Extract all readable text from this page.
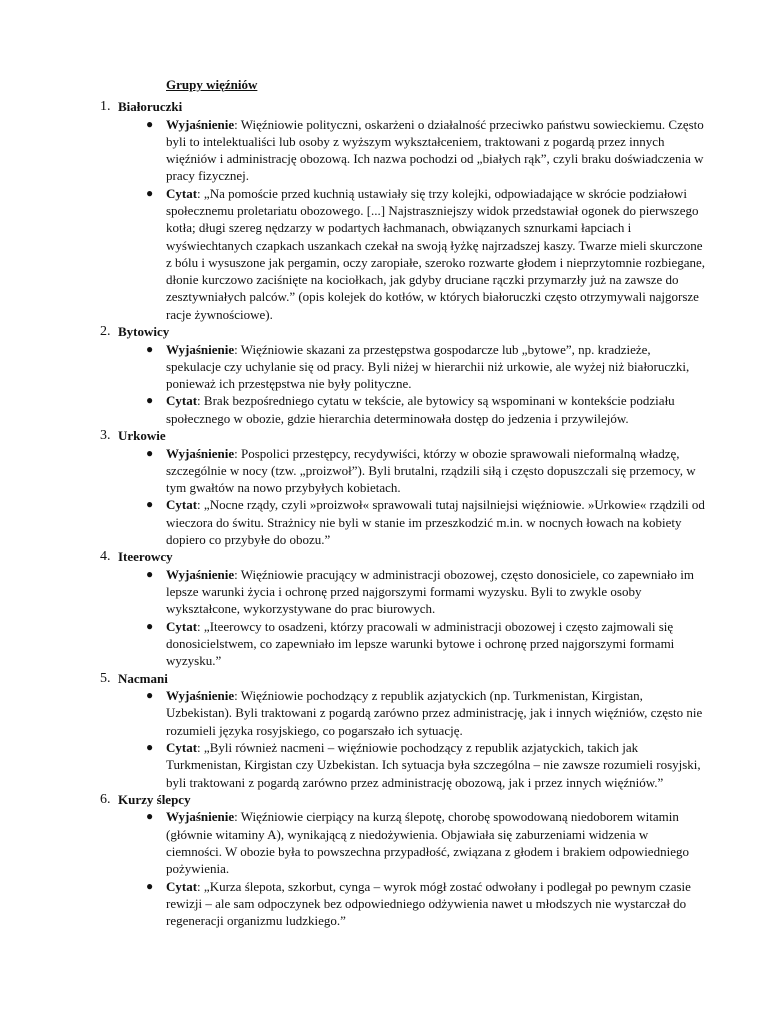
Grupy więźniów
1. Białoruczki
● Wyjaśnienie: Więźniowie polityczni, oskarżeni o działalność przeciwko państwu sowieckiemu. Często byli to intelektualiści lub osoby z wyższym wykształceniem, traktowani z pogardą przez innych więźniów i administrację obozową. Ich nazwa pochodzi od „białych rąk”, czyli braku doświadczenia w pracy fizycznej.
● Cytat: „Na pomoście przed kuchnią ustawiały się trzy kolejki, odpowiadające w skrócie podziałowi społecznemu proletariatu obozowego. [...] Najstraszniejszy widok przedstawiał ogonek do pierwszego kotła; długi szereg nędzarzy w podartych łachmanach, obwiązanych sznurkami łapciach i wyświechtanych czapkach uszankach czekał na swoją łyżkę najrzadszej kaszy. Twarze mieli skurczone z bólu i wysuszone jak pergamin, oczy zaropiałe, szeroko rozwarte głodem i nieprzytomnie rozbiegane, dłonie kurczowo zaciśnięte na kociołkach, jak gdyby druciane rączki przymarzły już na zawsze do zesztywniałych palców.” (opis kolejek do kotłów, w których białoruczki często otrzymywali najgorsze racje żywnościowe).
2. Bytowicy
● Wyjaśnienie: Więźniowie skazani za przestępstwa gospodarcze lub „bytowe”, np. kradzieże, spekulacje czy uchylanie się od pracy. Byli niżej w hierarchii niż urkowie, ale wyżej niż białoruczki, ponieważ ich przestępstwa nie były polityczne.
● Cytat: Brak bezpośredniego cytatu w tekście, ale bytowicy są wspominani w kontekście podziału społecznego w obozie, gdzie hierarchia determinowała dostęp do jedzenia i przywilejów.
3. Urkowie
● Wyjaśnienie: Pospolici przestępcy, recydywiści, którzy w obozie sprawowali nieformalną władzę, szczególnie w nocy (tzw. „proizwoł”). Byli brutalni, rządzili siłą i często dopuszczali się przemocy, w tym gwałtów na nowo przybyłych kobietach.
● Cytat: „Nocne rządy, czyli »proizwoł« sprawowali tutaj najsilniejsi więźniowie. »Urkowie« rządzili od wieczora do świtu. Strażnicy nie byli w stanie im przeszkodzić m.in. w nocnych łowach na kobiety dopiero co przybyłe do obozu.”
4. Iteerowcy
● Wyjaśnienie: Więźniowie pracujący w administracji obozowej, często donosiciele, co zapewniało im lepsze warunki życia i ochronę przed najgorszymi formami wyzysku. Byli to zwykle osoby wykształcone, wykorzystywane do prac biurowych.
● Cytat: „Iteerowcy to osadzeni, którzy pracowali w administracji obozowej i często zajmowali się donosicielstwem, co zapewniało im lepsze warunki bytowe i ochronę przed najgorszymi formami wyzysku.”
5. Nacmani
● Wyjaśnienie: Więźniowie pochodzący z republik azjatyckich (np. Turkmenistan, Kirgistan, Uzbekistan). Byli traktowani z pogardą zarówno przez administrację, jak i innych więźniów, często nie rozumieli języka rosyjskiego, co pogarszało ich sytuację.
● Cytat: „Byli również nacmeni – więźniowie pochodzący z republik azjatyckich, takich jak Turkmenistan, Kirgistan czy Uzbekistan. Ich sytuacja była szczególna – nie zawsze rozumieli rosyjski, byli traktowani z pogardą zarówno przez administrację obozową, jak i przez innych więźniów.”
6. Kurzy ślepcy
● Wyjaśnienie: Więźniowie cierpiący na kurzą ślepotę, chorobę spowodowaną niedoborem witamin (głównie witaminy A), wynikającą z niedożywienia. Objawiała się zaburzeniami widzenia w ciemności. W obozie była to powszechna przypadłość, związana z głodem i brakiem odpowiedniego pożywienia.
● Cytat: „Kurza ślepota, szkorbut, cynga – wyrok mógł zostać odwołany i podlegał po pewnym czasie rewizji – ale sam odpoczynek bez odpowiedniego odżywienia nawet u młodszych nie wystarczał do regeneracji organizmu ludzkiego.”
